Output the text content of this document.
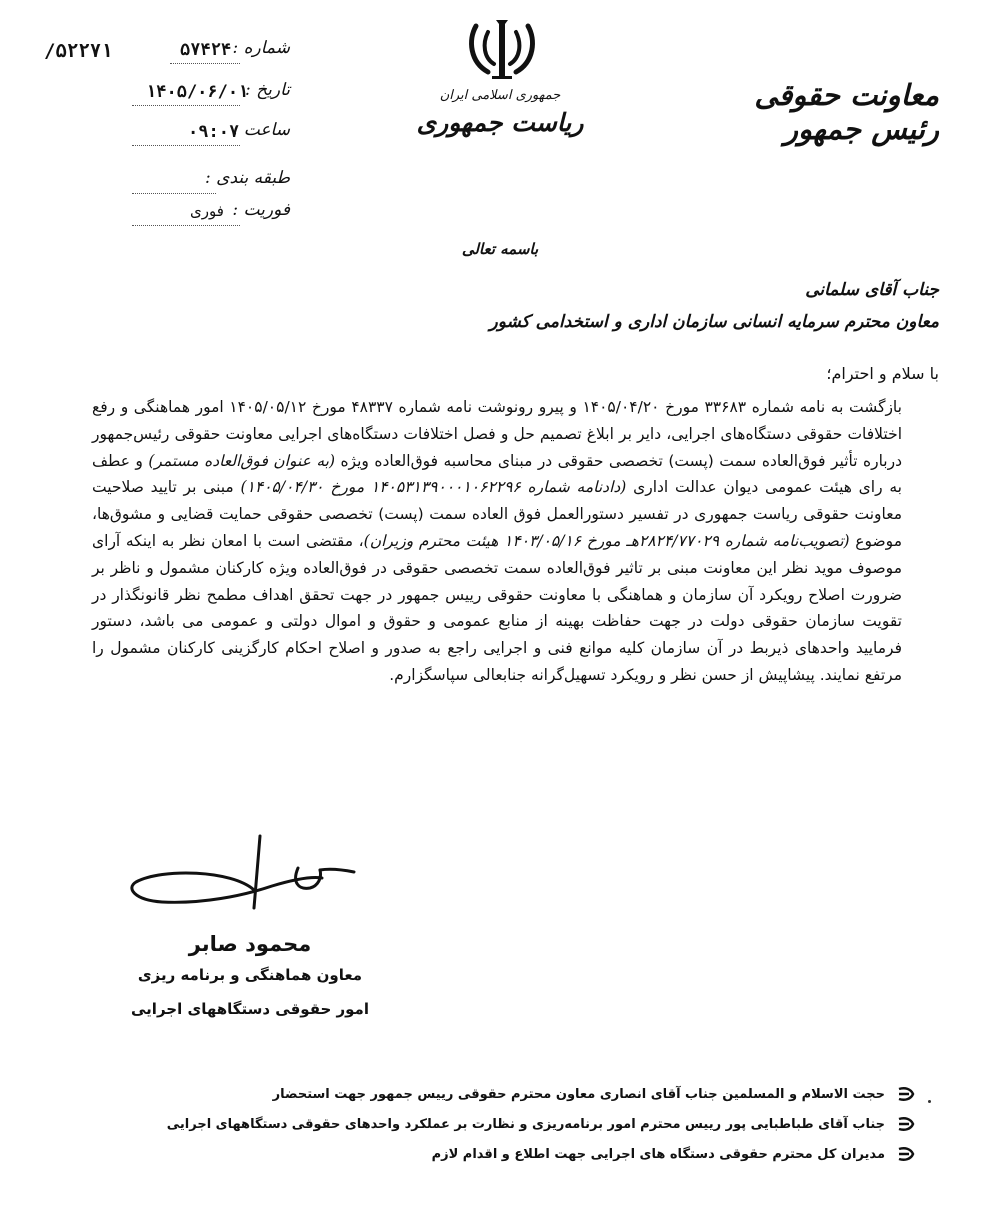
معاونت حقوقی رئیس جمهور
جمهوری اسلامی ایران
ریاست جمهوری
/۵۲۲۷۱	شماره :
۵۷۴۲۴
تاریخ :
۱۴۰۵/۰۶/۰۱
ساعت :
۰۹:۰۷
طبقه بندی :
فوریت :
فوری
باسمه تعالی
جناب آقای سلمانی
معاون محترم سرمایه انسانی سازمان اداری و استخدامی کشور
با سلام و احترام؛
بازگشت به نامه شماره ۳۳۶۸۳ مورخ ۱۴۰۵/۰۴/۲۰ و پیرو رونوشت نامه شماره ۴۸۳۳۷ مورخ ۱۴۰۵/۰۵/۱۲ امور هماهنگی و رفع اختلافات حقوقی دستگاه‌های اجرایی، دایر بر ابلاغ تصمیم حل و فصل اختلافات دستگاه‌های اجرایی معاونت حقوقی رئیس‌جمهور درباره تأثیر فوق‌العاده سمت (پست) تخصصی حقوقی در مبنای محاسبه فوق‌العاده ویژه (به عنوان فوق‌العاده مستمر) و عطف به رای هیئت عمومی دیوان عدالت اداری (دادنامه شماره ۱۴۰۵۳۱۳۹۰۰۰۱۰۶۲۲۹۶ مورخ ۱۴۰۵/۰۴/۳۰) مبنی بر تایید صلاحیت معاونت حقوقی ریاست جمهوری در تفسیر دستورالعمل فوق العاده سمت (پست) تخصصی حقوقی حمایت قضایی و مشوق‌ها، موضوع (تصویب‌نامه شماره ۲۸۲۴/۷۷۰۲۹هـ مورخ ۱۴۰۳/۰۵/۱۶ هیئت محترم وزیران)، مقتضی است با امعان نظر به اینکه آرای موصوف موید نظر این معاونت مبنی بر تاثیر فوق‌العاده سمت تخصصی حقوقی در فوق‌العاده ویژه کارکنان مشمول و ناظر بر ضرورت اصلاح رویکرد آن سازمان و هماهنگی با معاونت حقوقی رییس جمهور در جهت تحقق اهداف مطمح نظر قانونگذار در تقویت سازمان حقوقی دولت در جهت حفاظت بهینه از منابع عمومی و حقوق و اموال دولتی و عمومی می باشد، دستور فرمایید واحدهای ذیربط در آن سازمان کلیه موانع فنی و اجرایی راجع به صدور و اصلاح احکام کارگزینی کارکنان مشمول را مرتفع نمایند. پیشاپیش از حسن نظر و رویکرد تسهیل‌گرانه جنابعالی سپاسگزارم.
محمود صابر
معاون هماهنگی و برنامه ریزی
امور حقوقی دستگاههای اجرایی
حجت الاسلام و المسلمین جناب آقای انصاری معاون محترم حقوقی رییس جمهور جهت استحضار
جناب آقای طباطبایی پور رییس محترم امور برنامه‌ریزی و نظارت بر عملکرد واحدهای حقوقی دستگاههای اجرایی
مدیران کل محترم حقوقی دستگاه های اجرایی جهت اطلاع و اقدام لازم
